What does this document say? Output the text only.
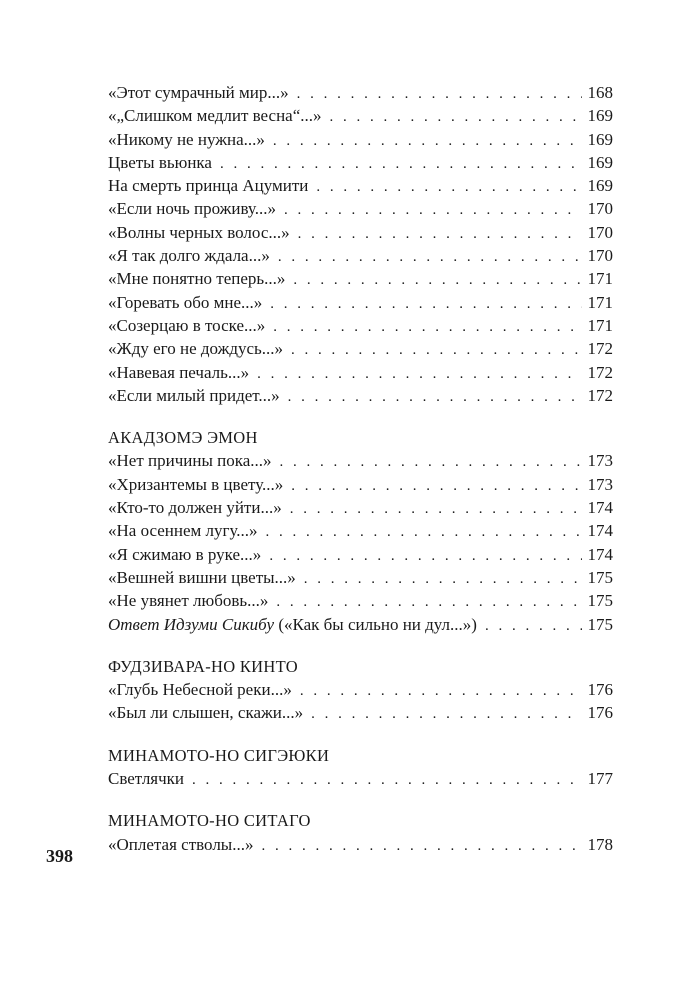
«Этот сумрачный мир...» . . .	168
«„Слишком медлит весна“...» . . .	169
«Никому не нужна...» . . .	169
Цветы вьюнка . . .	169
На смерть принца Ацумити . . .	169
«Если ночь проживу...» . . .	170
«Волны черных волос...» . . .	170
«Я так долго ждала...» . . .	170
«Мне понятно теперь...» . . .	171
«Горевать обо мне...» . . .	171
«Созерцаю в тоске...» . . .	171
«Жду его не дождусь...» . . .	172
«Навевая печаль...» . . .	172
«Если милый придет...» . . .	172
АКАДЗОМЭ ЭМОН
«Нет причины пока...» . . .	173
«Хризантемы в цвету...» . . .	173
«Кто-то должен уйти...» . . .	174
«На осеннем лугу...» . . .	174
«Я сжимаю в руке...» . . .	174
«Вешней вишни цветы...» . . .	175
«Не увянет любовь...» . . .	175
Ответ Идзуми Сикибу («Как бы сильно ни дул...») . . .	175
ФУДЗИВАРА-НО КИНТО
«Глубь Небесной реки...» . . .	176
«Был ли слышен, скажи...» . . .	176
МИНАМОТО-НО СИГЭЮКИ
Светлячки . . .	177
МИНАМОТО-НО СИТАГО
«Оплетая стволы...» . . .	178
398
